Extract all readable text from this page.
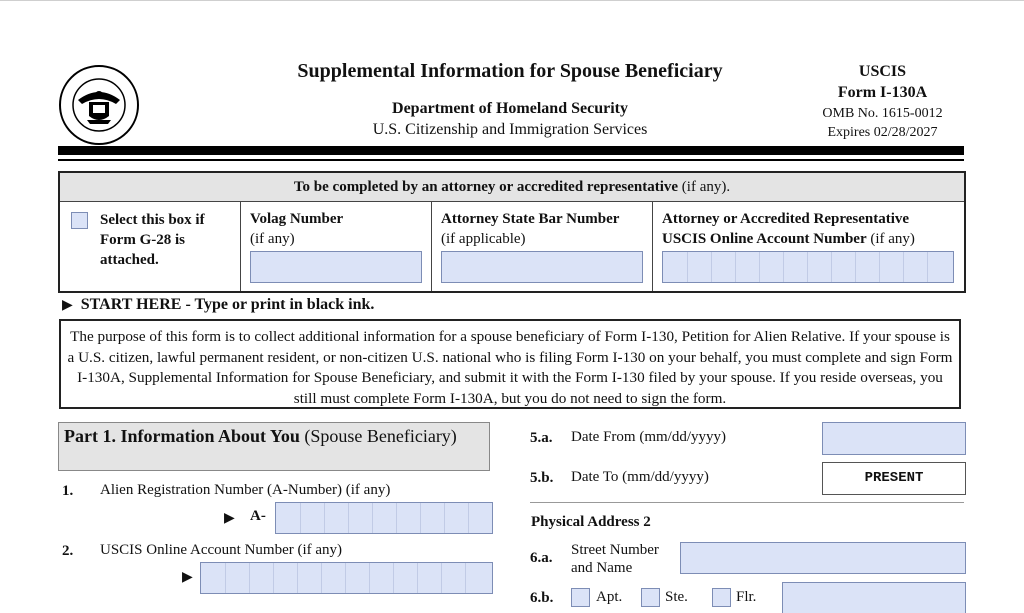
Supplemental Information for Spouse Beneficiary
Department of Homeland Security
U.S. Citizenship and Immigration Services
USCIS
Form I-130A
OMB No. 1615-0012
Expires 02/28/2027
To be completed by an attorney or accredited representative (if any).
Select this box if
Form G-28 is
attached.
Volag Number
(if any)
Attorney State Bar Number
(if applicable)
Attorney or Accredited Representative
USCIS Online Account Number (if any)
▶ START HERE - Type or print in black ink.
The purpose of this form is to collect additional information for a spouse beneficiary of Form I-130, Petition for Alien Relative. If your spouse is a U.S. citizen, lawful permanent resident, or non-citizen U.S. national who is filing Form I-130 on your behalf, you must complete and sign Form I-130A, Supplemental Information for Spouse Beneficiary, and submit it with the Form I-130 filed by your spouse. If you reside overseas, you still must complete Form I-130A, but you do not need to sign the form.
Part 1. Information About You (Spouse Beneficiary)
1. Alien Registration Number (A-Number) (if any)
▶ A-
2. USCIS Online Account Number (if any)
▶
5.a. Date From (mm/dd/yyyy)
5.b. Date To (mm/dd/yyyy)	PRESENT
Physical Address 2
6.a. Street Number
and Name
6.b.	Apt.	Ste.	Flr.
